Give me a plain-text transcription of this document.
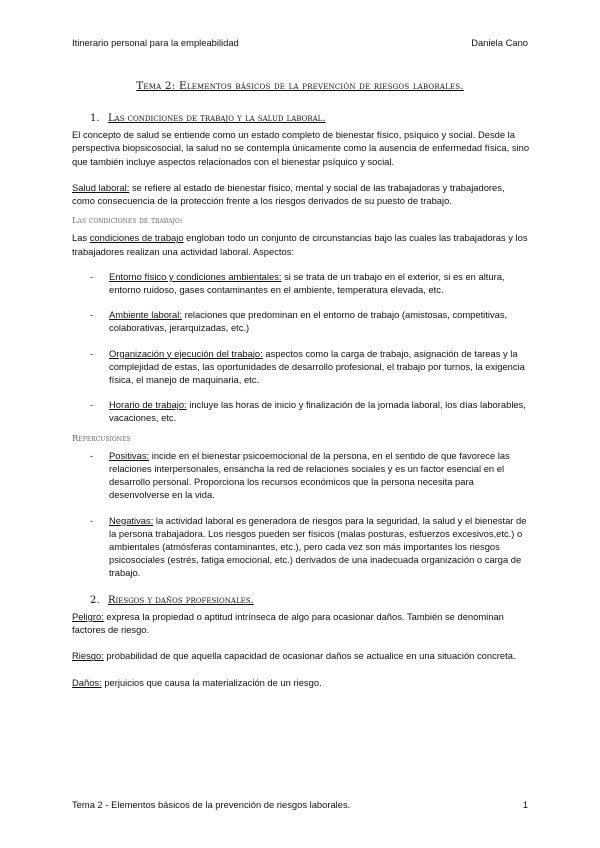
Itinerario personal para la empleabilidad	Daniela Cano
Tema 2: Elementos básicos de la prevención de riesgos laborales.
1. Las condiciones de trabajo y la salud laboral.

El concepto de salud se entiende como un estado completo de bienestar físico, psíquico y social. Desde la perspectiva biopsicosocial, la salud no se contempla únicamente como la ausencia de enfermedad física, sino que también incluye aspectos relacionados con el bienestar psíquico y social.

Salud laboral: se refiere al estado de bienestar físico, mental y social de las trabajadoras y trabajadores, como consecuencia de la protección frente a los riesgos derivados de su puesto de trabajo.

Las condiciones de trabajo:

Las condiciones de trabajo engloban todo un conjunto de circunstancias bajo las cuales las trabajadoras y los trabajadores realizan una actividad laboral. Aspectos:

- Entorno físico y condiciones ambientales: si se trata de un trabajo en el exterior, si es en altura, entorno ruidoso, gases contaminantes en el ambiente, temperatura elevada, etc.
- Ambiente laboral: relaciones que predominan en el entorno de trabajo (amistosas, competitivas, colaborativas, jerarquizadas, etc.)
- Organización y ejecución del trabajo: aspectos como la carga de trabajo, asignación de tareas y la complejidad de estas, las oportunidades de desarrollo profesional, el trabajo por turnos, la exigencia física, el manejo de maquinaria, etc.
- Horario de trabajo: incluye las horas de inicio y finalización de la jornada laboral, los días laborables, vacaciones, etc.
Repercusiones
- Positivas: incide en el bienestar psicoemocional de la persona, en el sentido de que favorece las relaciones interpersonales, ensancha la red de relaciones sociales y es un factor esencial en el desarrollo personal. Proporciona los recursos económicos que la persona necesita para desenvolverse en la vida.
- Negativas: la actividad laboral es generadora de riesgos para la seguridad, la salud y el bienestar de la persona trabajadora. Los riesgos pueden ser físicos (malas posturas, esfuerzos excesivos,etc.) o ambientales (atmósferas contaminantes, etc.), pero cada vez son más importantes los riesgos psicosociales (estrés, fatiga emocional, etc.) derivados de una inadecuada organización o carga de trabajo.
2. Riesgos y daños profesionales.

Peligro: expresa la propiedad o aptitud intrínseca de algo para ocasionar daños. También se denominan factores de riesgo.

Riesgo: probabilidad de que aquella capacidad de ocasionar daños se actualice en una situación concreta.

Daños: perjuicios que causa la materialización de un riesgo.

Tema 2 - Elementos básicos de la prevención de riesgos laborales.	1
